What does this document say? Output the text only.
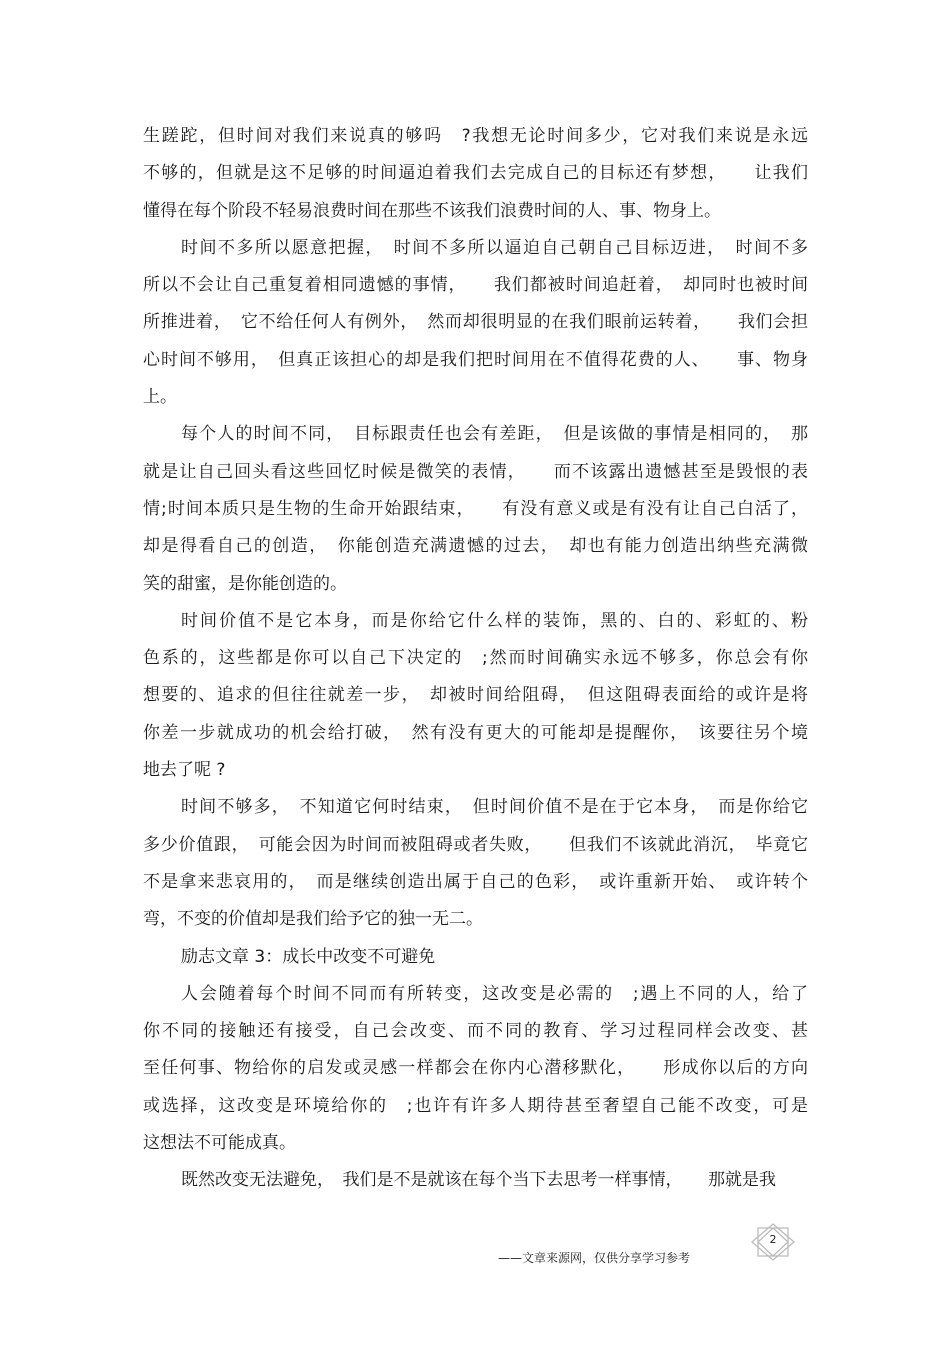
生蹉跎，但时间对我们来说真的够吗　?我想无论时间多少，它对我们来说是永远
不够的，但就是这不足够的时间逼迫着我们去完成自己的目标还有梦想，　　让我们
懂得在每个阶段不轻易浪费时间在那些不该我们浪费时间的人、事、物身上。
时间不多所以愿意把握，　时间不多所以逼迫自己朝自己目标迈进，　时间不多
所以不会让自己重复着相同遗憾的事情，　　我们都被时间追赶着，　却同时也被时间
所推进着，　它不给任何人有例外，　然而却很明显的在我们眼前运转着，　　我们会担
心时间不够用，　但真正该担心的却是我们把时间用在不值得花费的人、　　事、物身
上。
每个人的时间不同，　目标跟责任也会有差距，　但是该做的事情是相同的，　那
就是让自己回头看这些回忆时候是微笑的表情，　　而不该露出遗憾甚至是毁恨的表
情;时间本质只是生物的生命开始跟结束，　　有没有意义或是有没有让自己白活了，
却是得看自己的创造，　你能创造充满遗憾的过去，　却也有能力创造出纳些充满微
笑的甜蜜，是你能创造的。
时间价值不是它本身，而是你给它什么样的装饰，黑的、白的、彩虹的、粉
色系的，这些都是你可以自己下决定的　;然而时间确实永远不够多，你总会有你
想要的、追求的但往往就差一步，　却被时间给阻碍，　但这阻碍表面给的或许是将
你差一步就成功的机会给打破，　然有没有更大的可能却是提醒你，　该要往另个境
地去了呢 ?
时间不够多，　不知道它何时结束，　但时间价值不是在于它本身，　而是你给它
多少价值跟，　可能会因为时间而被阻碍或者失败，　　但我们不该就此消沉，　毕竟它
不是拿来悲哀用的，　而是继续创造出属于自己的色彩，　或许重新开始、　或许转个
弯，不变的价值却是我们给予它的独一无二。
励志文章 3：成长中改变不可避免
人会随着每个时间不同而有所转变，这改变是必需的　;遇上不同的人，给了
你不同的接触还有接受，自己会改变、而不同的教育、学习过程同样会改变、甚
至任何事、物给你的启发或灵感一样都会在你内心潜移默化，　　形成你以后的方向
或选择，这改变是环境给你的　;也许有许多人期待甚至奢望自己能不改变，可是
这想法不可能成真。
既然改变无法避免，　我们是不是就该在每个当下去思考一样事情，　　那就是我
2
——文章来源网，仅供分享学习参考
